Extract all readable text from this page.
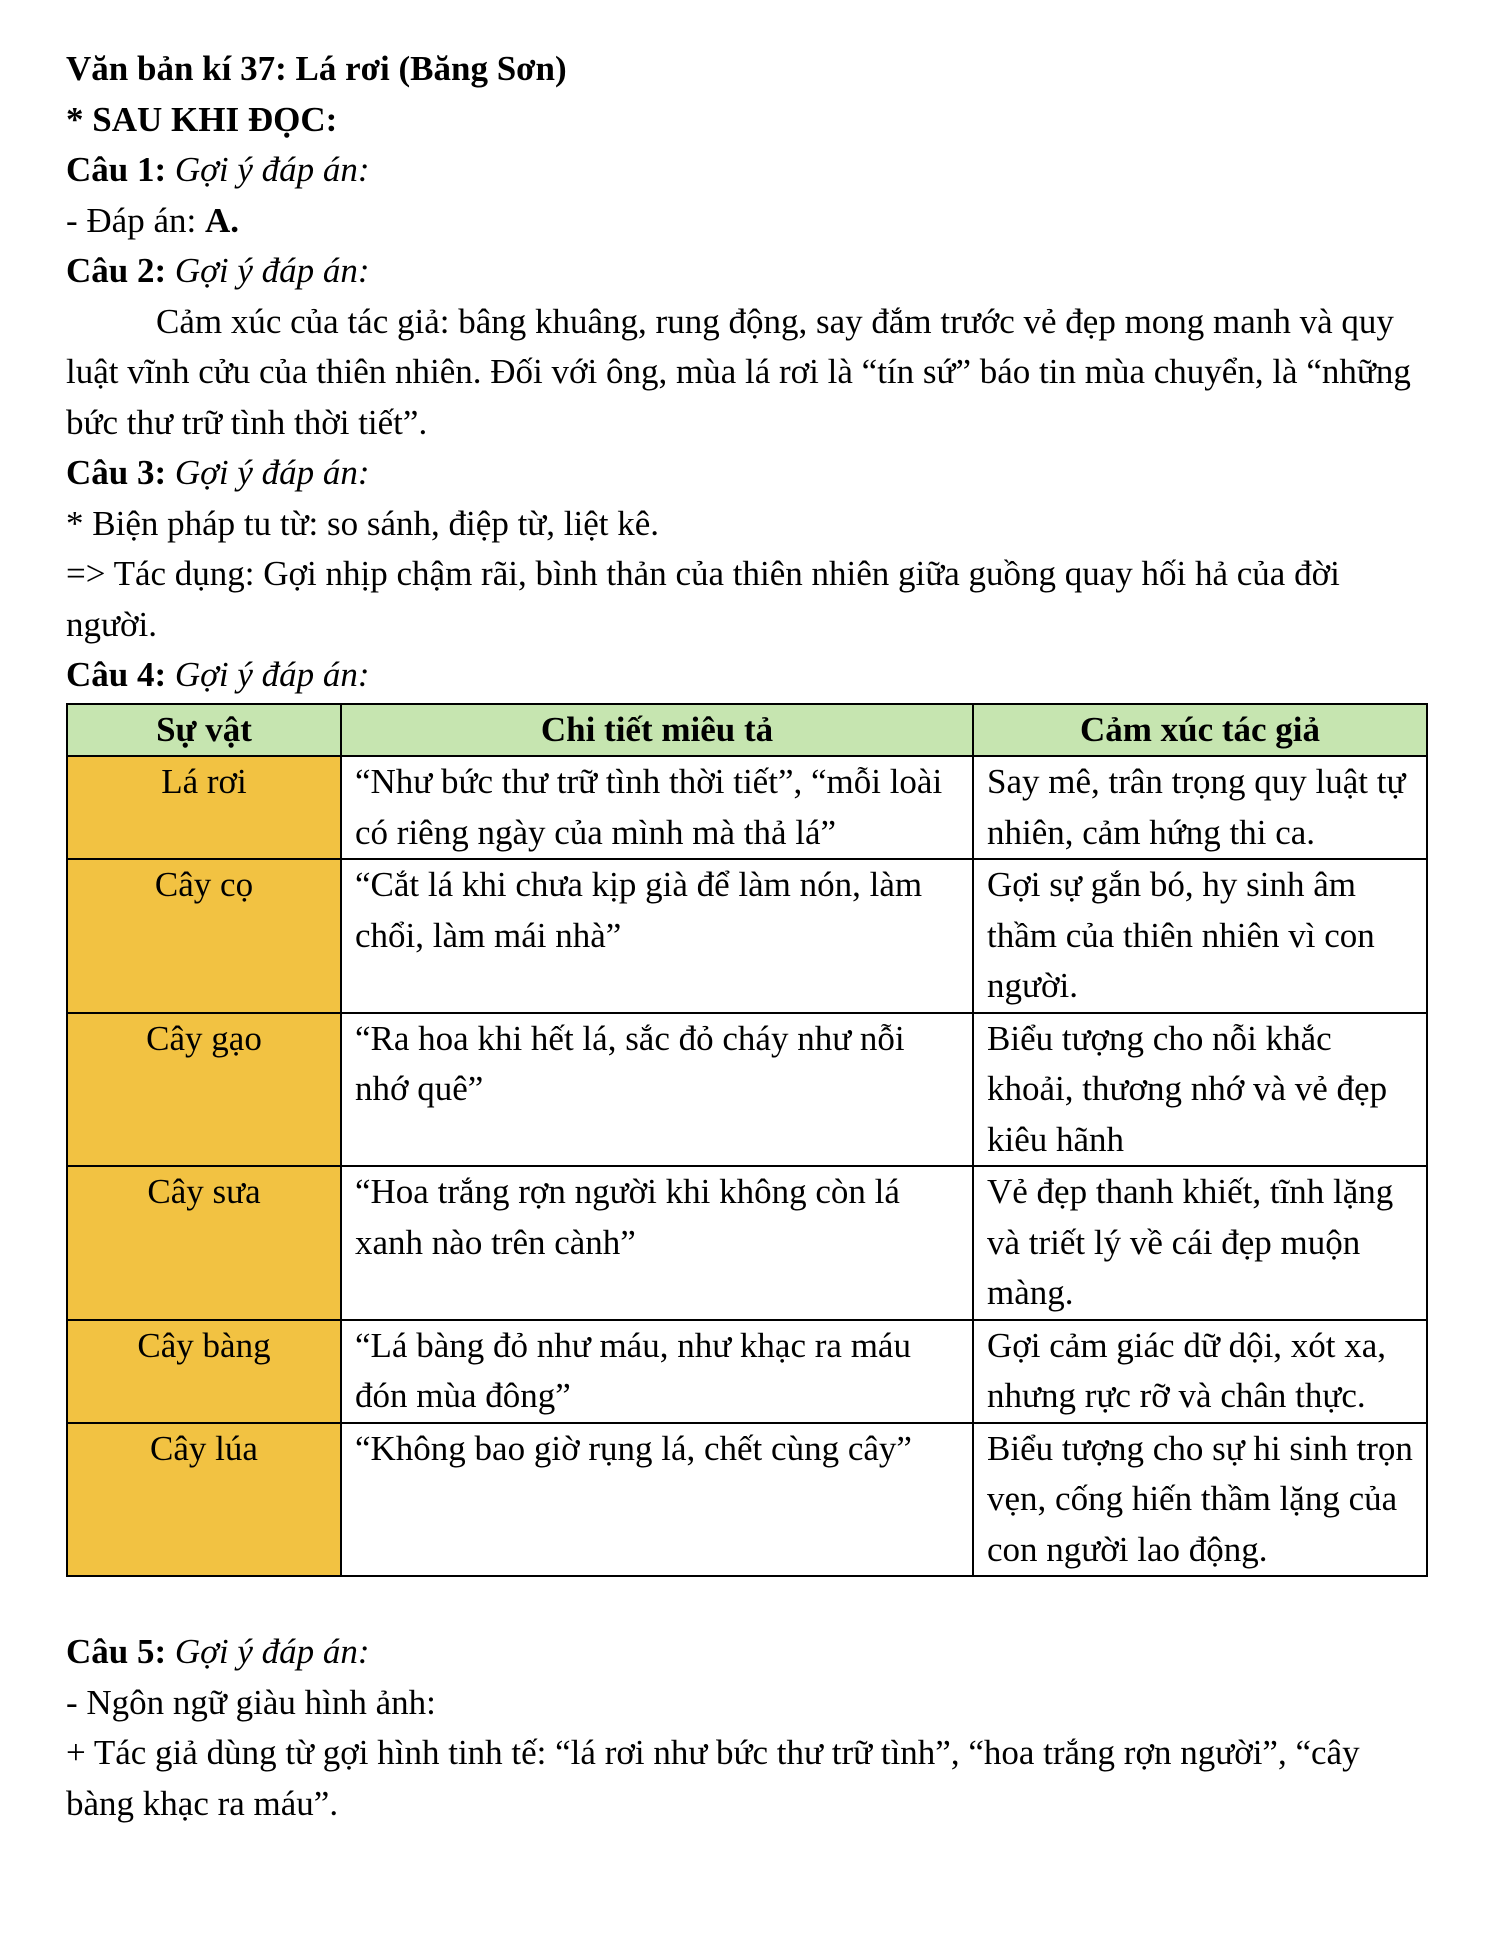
Văn bản kí 37: Lá rơi (Băng Sơn)

* SAU KHI ĐỌC:

Câu 1: Gợi ý đáp án:

- Đáp án: A.

Câu 2: Gợi ý đáp án:

Cảm xúc của tác giả: bâng khuâng, rung động, say đắm trước vẻ đẹp mong manh và quy luật vĩnh cửu của thiên nhiên. Đối với ông, mùa lá rơi là “tín sứ” báo tin mùa chuyển, là “những bức thư trữ tình thời tiết”.

Câu 3: Gợi ý đáp án:

* Biện pháp tu từ: so sánh, điệp từ, liệt kê.

=> Tác dụng: Gợi nhịp chậm rãi, bình thản của thiên nhiên giữa guồng quay hối hả của đời người.

Câu 4: Gợi ý đáp án:

Sự vật	Chi tiết miêu tả	Cảm xúc tác giả
Lá rơi	“Như bức thư trữ tình thời tiết”, “mỗi loài có riêng ngày của mình mà thả lá”	Say mê, trân trọng quy luật tự nhiên, cảm hứng thi ca.
Cây cọ	“Cắt lá khi chưa kịp già để làm nón, làm chổi, làm mái nhà”	Gợi sự gắn bó, hy sinh âm thầm của thiên nhiên vì con người.
Cây gạo	“Ra hoa khi hết lá, sắc đỏ cháy như nỗi nhớ quê”	Biểu tượng cho nỗi khắc khoải, thương nhớ và vẻ đẹp kiêu hãnh
Cây sưa	“Hoa trắng rợn người khi không còn lá xanh nào trên cành”	Vẻ đẹp thanh khiết, tĩnh lặng và triết lý về cái đẹp muộn màng.
Cây bàng	“Lá bàng đỏ như máu, như khạc ra máu đón mùa đông”	Gợi cảm giác dữ dội, xót xa, nhưng rực rỡ và chân thực.
Cây lúa	“Không bao giờ rụng lá, chết cùng cây”	Biểu tượng cho sự hi sinh trọn vẹn, cống hiến thầm lặng của con người lao động.

Câu 5: Gợi ý đáp án:

- Ngôn ngữ giàu hình ảnh:

+ Tác giả dùng từ gợi hình tinh tế: “lá rơi như bức thư trữ tình”, “hoa trắng rợn người”, “cây bàng khạc ra máu”.
